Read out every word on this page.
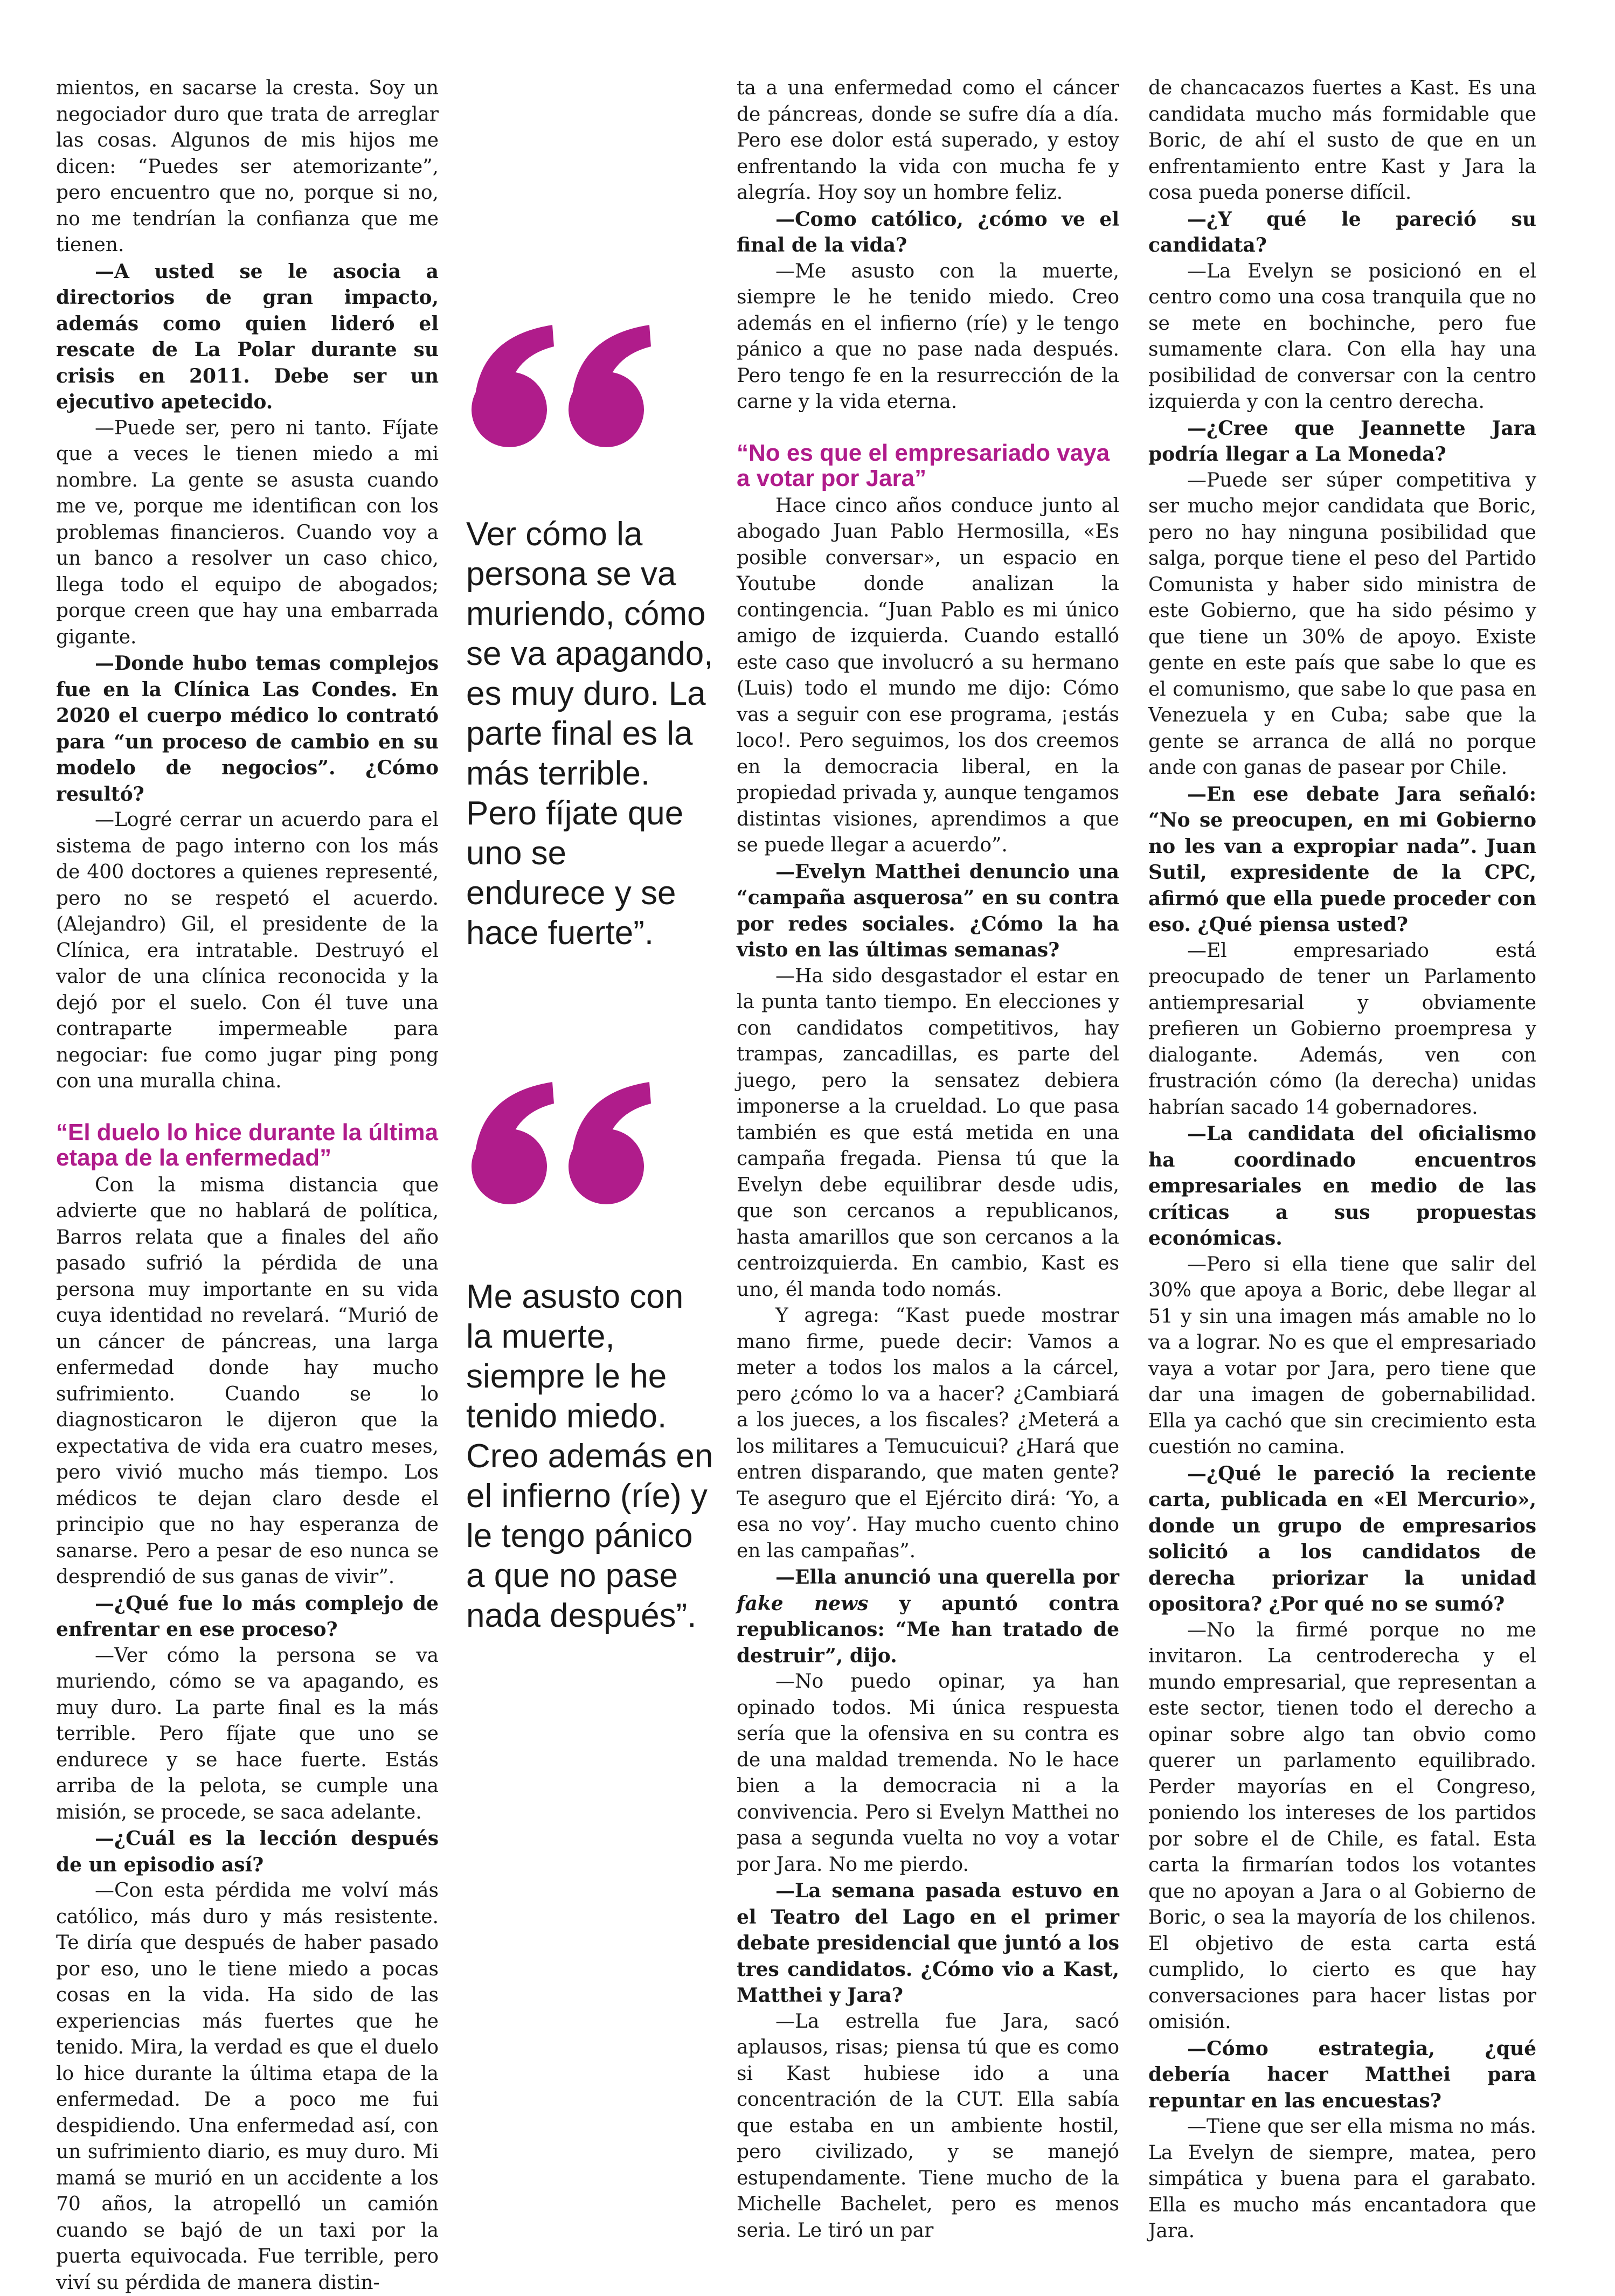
mientos, en sacarse la cresta. Soy un negociador duro que trata de arreglar las cosas. Algunos de mis hijos me dicen: “Puedes ser atemorizante”, pero encuentro que no, porque si no, no me tendrían la confianza que me tienen.

—A usted se le asocia a directorios de gran impacto, además como quien lideró el rescate de La Polar durante su crisis en 2011. Debe ser un ejecutivo apetecido.

—Puede ser, pero ni tanto. Fíjate que a veces le tienen miedo a mi nombre. La gente se asusta cuando me ve, porque me identifican con los problemas financieros. Cuando voy a un banco a resolver un caso chico, llega todo el equipo de abogados; porque creen que hay una embarrada gigante.

—Donde hubo temas complejos fue en la Clínica Las Condes. En 2020 el cuerpo médico lo contrató para “un proceso de cambio en su modelo de negocios”. ¿Cómo resultó?

—Logré cerrar un acuerdo para el sistema de pago interno con los más de 400 doctores a quienes representé, pero no se respetó el acuerdo. (Alejandro) Gil, el presidente de la Clínica, era intratable. Destruyó el valor de una clínica reconocida y la dejó por el suelo. Con él tuve una contraparte impermeable para negociar: fue como jugar ping pong con una muralla china.

“El duelo lo hice durante la última etapa de la enfermedad”

Con la misma distancia que advierte que no hablará de política, Barros relata que a finales del año pasado sufrió la pérdida de una persona muy importante en su vida cuya identidad no revelará. “Murió de un cáncer de páncreas, una larga enfermedad donde hay mucho sufrimiento. Cuando se lo diagnosticaron le dijeron que la expectativa de vida era cuatro meses, pero vivió mucho más tiempo. Los médicos te dejan claro desde el principio que no hay esperanza de sanarse. Pero a pesar de eso nunca se desprendió de sus ganas de vivir”.

—¿Qué fue lo más complejo de enfrentar en ese proceso?

—Ver cómo la persona se va muriendo, cómo se va apagando, es muy duro. La parte final es la más terrible. Pero fíjate que uno se endurece y se hace fuerte. Estás arriba de la pelota, se cumple una misión, se procede, se saca adelante.

—¿Cuál es la lección después de un episodio así?

—Con esta pérdida me volví más católico, más duro y más resistente. Te diría que después de haber pasado por eso, uno le tiene miedo a pocas cosas en la vida. Ha sido de las experiencias más fuertes que he tenido. Mira, la verdad es que el duelo lo hice durante la última etapa de la enfermedad. De a poco me fui despidiendo. Una enfermedad así, con un sufrimiento diario, es muy duro. Mi mamá se murió en un accidente a los 70 años, la atropelló un camión cuando se bajó de un taxi por la puerta equivocada. Fue terrible, pero viví su pérdida de manera distin-

Ver cómo la persona se va muriendo, cómo se va apagando, es muy duro. La parte final es la más terrible. Pero fíjate que uno se endurece y se hace fuerte”.
Me asusto con la muerte, siempre le he tenido miedo. Creo además en el infierno (ríe) y le tengo pánico a que no pase nada después”.

ta a una enfermedad como el cáncer de páncreas, donde se sufre día a día. Pero ese dolor está superado, y estoy enfrentando la vida con mucha fe y alegría. Hoy soy un hombre feliz.

—Como católico, ¿cómo ve el final de la vida?

—Me asusto con la muerte, siempre le he tenido miedo. Creo además en el infierno (ríe) y le tengo pánico a que no pase nada después. Pero tengo fe en la resurrección de la carne y la vida eterna.

“No es que el empresariado vaya a votar por Jara”

Hace cinco años conduce junto al abogado Juan Pablo Hermosilla, «Es posible conversar», un espacio en Youtube donde analizan la contingencia. “Juan Pablo es mi único amigo de izquierda. Cuando estalló este caso que involucró a su hermano (Luis) todo el mundo me dijo: Cómo vas a seguir con ese programa, ¡estás loco!. Pero seguimos, los dos creemos en la democracia liberal, en la propiedad privada y, aunque tengamos distintas visiones, aprendimos a que se puede llegar a acuerdo”.

—Evelyn Matthei denuncio una “campaña asquerosa” en su contra por redes sociales. ¿Cómo la ha visto en las últimas semanas?

—Ha sido desgastador el estar en la punta tanto tiempo. En elecciones y con candidatos competitivos, hay trampas, zancadillas, es parte del juego, pero la sensatez debiera imponerse a la crueldad. Lo que pasa también es que está metida en una campaña fregada. Piensa tú que la Evelyn debe equilibrar desde udis, que son cercanos a republicanos, hasta amarillos que son cercanos a la centroizquierda. En cambio, Kast es uno, él manda todo nomás.

Y agrega: “Kast puede mostrar mano firme, puede decir: Vamos a meter a todos los malos a la cárcel, pero ¿cómo lo va a hacer? ¿Cambiará a los jueces, a los fiscales? ¿Meterá a los militares a Temucuicui? ¿Hará que entren disparando, que maten gente? Te aseguro que el Ejército dirá: ‘Yo, a esa no voy’. Hay mucho cuento chino en las campañas”.

—Ella anunció una querella por fake news y apuntó contra republicanos: “Me han tratado de destruir”, dijo.

—No puedo opinar, ya han opinado todos. Mi única respuesta sería que la ofensiva en su contra es de una maldad tremenda. No le hace bien a la democracia ni a la convivencia. Pero si Evelyn Matthei no pasa a segunda vuelta no voy a votar por Jara. No me pierdo.

—La semana pasada estuvo en el Teatro del Lago en el primer debate presidencial que juntó a los tres candidatos. ¿Cómo vio a Kast, Matthei y Jara?

—La estrella fue Jara, sacó aplausos, risas; piensa tú que es como si Kast hubiese ido a una concentración de la CUT. Ella sabía que estaba en un ambiente hostil, pero civilizado, y se manejó estupendamente. Tiene mucho de la Michelle Bachelet, pero es menos seria. Le tiró un par

de chancacazos fuertes a Kast. Es una candidata mucho más formidable que Boric, de ahí el susto de que en un enfrentamiento entre Kast y Jara la cosa pueda ponerse difícil.

—¿Y qué le pareció su candidata?

—La Evelyn se posicionó en el centro como una cosa tranquila que no se mete en bochinche, pero fue sumamente clara. Con ella hay una posibilidad de conversar con la centro izquierda y con la centro derecha.

—¿Cree que Jeannette Jara podría llegar a La Moneda?

—Puede ser súper competitiva y ser mucho mejor candidata que Boric, pero no hay ninguna posibilidad que salga, porque tiene el peso del Partido Comunista y haber sido ministra de este Gobierno, que ha sido pésimo y que tiene un 30% de apoyo. Existe gente en este país que sabe lo que es el comunismo, que sabe lo que pasa en Venezuela y en Cuba; sabe que la gente se arranca de allá no porque ande con ganas de pasear por Chile.

—En ese debate Jara señaló: “No se preocupen, en mi Gobierno no les van a expropiar nada”. Juan Sutil, expresidente de la CPC, afirmó que ella puede proceder con eso. ¿Qué piensa usted?

—El empresariado está preocupado de tener un Parlamento antiempresarial y obviamente prefieren un Gobierno proempresa y dialogante. Además, ven con frustración cómo (la derecha) unidas habrían sacado 14 gobernadores.

—La candidata del oficialismo ha coordinado encuentros empresariales en medio de las críticas a sus propuestas económicas.

—Pero si ella tiene que salir del 30% que apoya a Boric, debe llegar al 51 y sin una imagen más amable no lo va a lograr. No es que el empresariado vaya a votar por Jara, pero tiene que dar una imagen de gobernabilidad. Ella ya cachó que sin crecimiento esta cuestión no camina.

—¿Qué le pareció la reciente carta, publicada en «El Mercurio», donde un grupo de empresarios solicitó a los candidatos de derecha priorizar la unidad opositora? ¿Por qué no se sumó?

—No la firmé porque no me invitaron. La centroderecha y el mundo empresarial, que representan a este sector, tienen todo el derecho a opinar sobre algo tan obvio como querer un parlamento equilibrado. Perder mayorías en el Congreso, poniendo los intereses de los partidos por sobre el de Chile, es fatal. Esta carta la firmarían todos los votantes que no apoyan a Jara o al Gobierno de Boric, o sea la mayoría de los chilenos. El objetivo de esta carta está cumplido, lo cierto es que hay conversaciones para hacer listas por omisión.

—Cómo estrategia, ¿qué debería hacer Matthei para repuntar en las encuestas?

—Tiene que ser ella misma no más. La Evelyn de siempre, matea, pero simpática y buena para el garabato. Ella es mucho más encantadora que Jara.
